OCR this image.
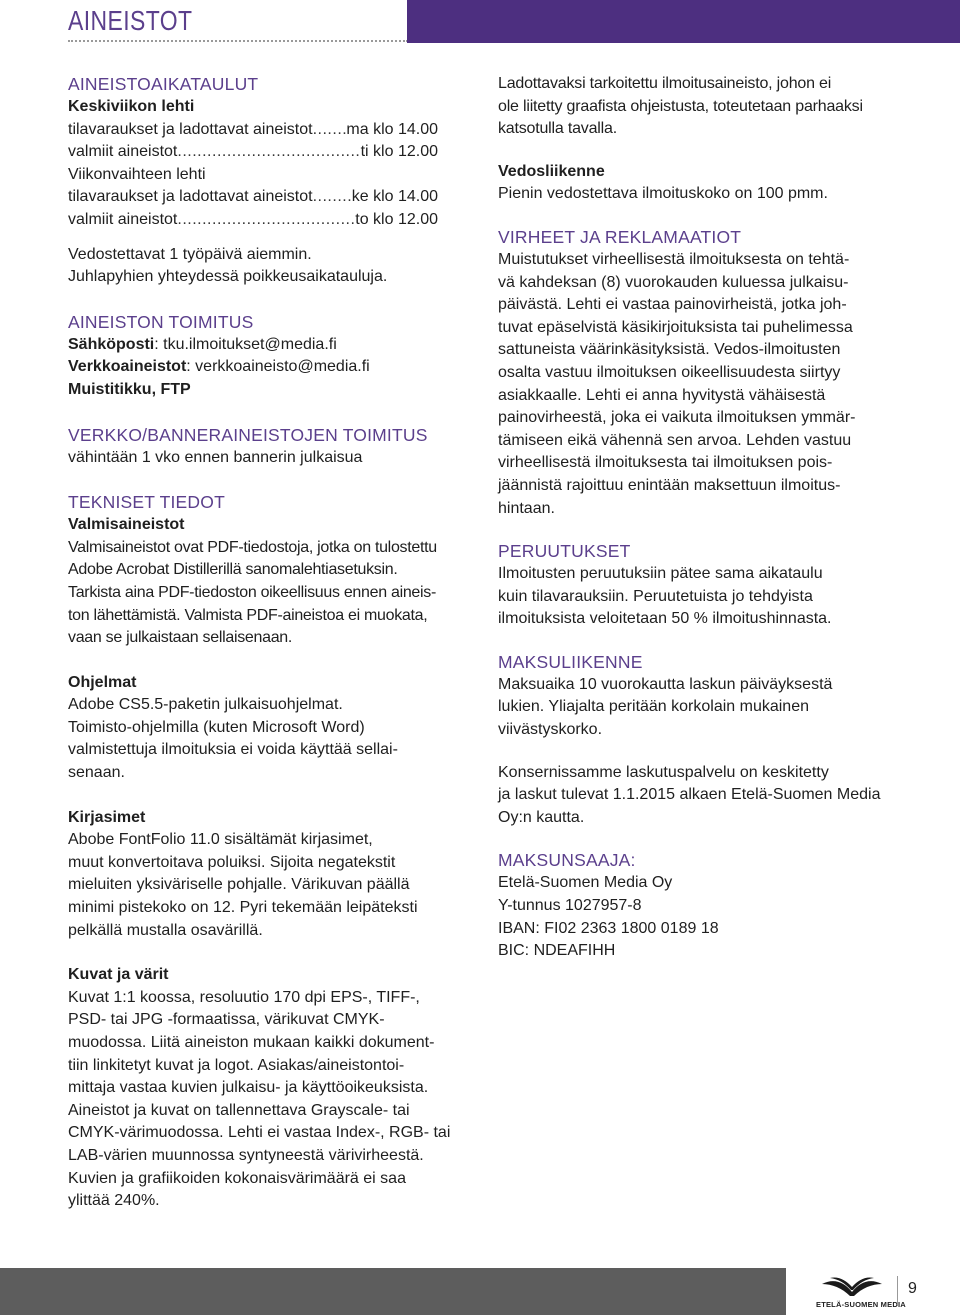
AINEISTOT
AINEISTOAIKATAULUT
Keskiviikon lehti
tilavaraukset ja ladottavat aineistot ..... ma klo 14.00
valmiit aineistot .....	ti klo 12.00
Viikonvaihteen lehti
tilavaraukset ja ladottavat aineistot ..... ke klo 14.00
valmiit aineistot .....	to klo 12.00
Vedostettavat 1 työpäivä aiemmin.
Juhlapyhien yhteydessä poikkeusaikatauluja.
AINEISTON TOIMITUS
Sähköposti: tku.ilmoitukset@media.fi
Verkkoaineistot: verkkoaineisto@media.fi
Muistitikku, FTP
VERKKO/BANNERAINEISTOJEN TOIMITUS
vähintään 1 vko ennen bannerin julkaisua
TEKNISET TIEDOT
Valmisaineistot
Valmisaineistot ovat PDF-tiedostoja, jotka on tulostettu
Adobe Acrobat Distillerillä sanomalehtiasetuksin.
Tarkista aina PDF-tiedoston oikeellisuus ennen aineis-
ton lähettämistä. Valmista PDF-aineistoa ei muokata,
vaan se julkaistaan sellaisenaan.
Ohjelmat
Adobe CS5.5-paketin julkaisuohjelmat.
Toimisto-ohjelmilla (kuten Microsoft Word)
valmistettuja ilmoituksia ei voida käyttää sellai-
senaan.
Kirjasimet
Abobe FontFolio 11.0 sisältämät kirjasimet,
muut konvertoitava poluiksi. Sijoita negatekstit
mieluiten yksiväriselle pohjalle. Värikuvan päällä
minimi pistekoko on 12. Pyri tekemään leipäteksti
pelkällä mustalla osavärillä.
Kuvat ja värit
Kuvat 1:1 koossa, resoluutio 170 dpi EPS-, TIFF-,
PSD- tai JPG -formaatissa, värikuvat CMYK-
muodossa. Liitä aineiston mukaan kaikki dokument-
tiin linkitetyt kuvat ja logot. Asiakas/aineistontoi-
mittaja vastaa kuvien julkaisu- ja käyttöoikeuksista.
Aineistot ja kuvat on tallennettava Grayscale- tai
CMYK-värimuodossa. Lehti ei vastaa Index-, RGB- tai
LAB-värien muunnossa syntyneestä värivirheestä.
Kuvien ja grafiikoiden kokonaisvärimäärä ei saa
ylittää 240%.
Ladottavaksi tarkoitettu ilmoitusaineisto, johon ei
ole liitetty graafista ohjeistusta, toteutetaan parhaaksi
katsotulla tavalla.
Vedosliikenne
Pienin vedostettava ilmoituskoko on 100 pmm.
VIRHEET JA REKLAMAATIOT
Muistutukset virheellisestä ilmoituksesta on tehtä-
vä kahdeksan (8) vuorokauden kuluessa julkaisu-
päivästä. Lehti ei vastaa painovirheistä, jotka joh-
tuvat epäselvistä käsikirjoituksista tai puhelimessa
sattuneista väärinkäsityksistä. Vedos-ilmoitusten
osalta vastuu ilmoituksen oikeellisuudesta siirtyy
asiakkaalle. Lehti ei anna hyvitystä vähäisestä
painovirheestä, joka ei vaikuta ilmoituksen ymmär-
tämiseen eikä vähennä sen arvoa. Lehden vastuu
virheellisestä ilmoituksesta tai ilmoituksen pois-
jäännistä rajoittuu enintään maksettuun ilmoitus-
hintaan.
PERUUTUKSET
Ilmoitusten peruutuksiin pätee sama aikataulu
kuin tilavarauksiin. Peruutetuista jo tehdyista
ilmoituksista veloitetaan 50 % ilmoitushinnasta.
MAKSULIIKENNE
Maksuaika 10 vuorokautta laskun päiväyksestä
lukien. Yliajalta peritään korkolain mukainen
viivästyskorko.
Konsernissamme laskutuspalvelu on keskitetty
ja laskut tulevat 1.1.2015 alkaen Etelä-Suomen Media
Oy:n kautta.
MAKSUNSAAJA:
Etelä-Suomen Media Oy
Y-tunnus 1027957-8
IBAN: FI02 2363 1800 0189 18
BIC: NDEAFIHH
ETELÄ-SUOMEN MEDIA
9
